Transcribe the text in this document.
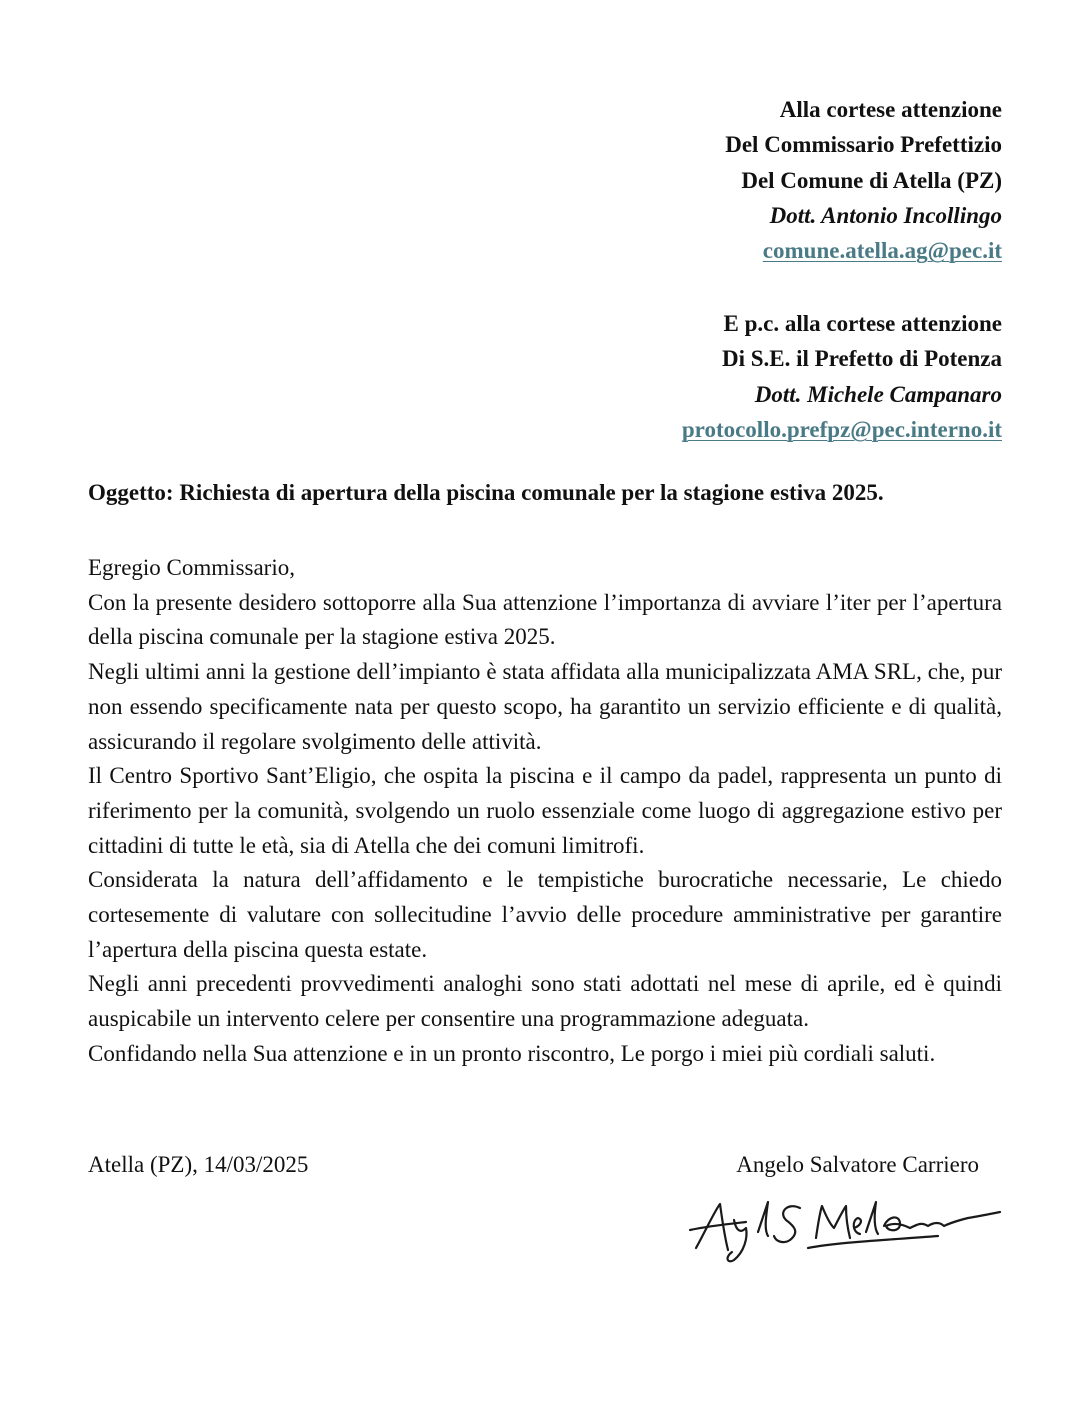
Alla cortese attenzione
Del Commissario Prefettizio
Del Comune di Atella (PZ)
Dott. Antonio Incollingo
comune.atella.ag@pec.it
E p.c. alla cortese attenzione
Di S.E. il Prefetto di Potenza
Dott. Michele Campanaro
protocollo.prefpz@pec.interno.it
Oggetto: Richiesta di apertura della piscina comunale per la stagione estiva 2025.

Egregio Commissario,

Con la presente desidero sottoporre alla Sua attenzione l’importanza di avviare l’iter per l’apertura della piscina comunale per la stagione estiva 2025.

Negli ultimi anni la gestione dell’impianto è stata affidata alla municipalizzata AMA SRL, che, pur non essendo specificamente nata per questo scopo, ha garantito un servizio efficiente e di qualità, assicurando il regolare svolgimento delle attività.

Il Centro Sportivo Sant’Eligio, che ospita la piscina e il campo da padel, rappresenta un punto di riferimento per la comunità, svolgendo un ruolo essenziale come luogo di aggregazione estivo per cittadini di tutte le età, sia di Atella che dei comuni limitrofi.

Considerata la natura dell’affidamento e le tempistiche burocratiche necessarie, Le chiedo cortesemente di valutare con sollecitudine l’avvio delle procedure amministrative per garantire l’apertura della piscina questa estate.

Negli anni precedenti provvedimenti analoghi sono stati adottati nel mese di aprile, ed è quindi auspicabile un intervento celere per consentire una programmazione adeguata.

Confidando nella Sua attenzione e in un pronto riscontro, Le porgo i miei più cordiali saluti.

Atella (PZ), 14/03/2025	Angelo Salvatore Carriero
